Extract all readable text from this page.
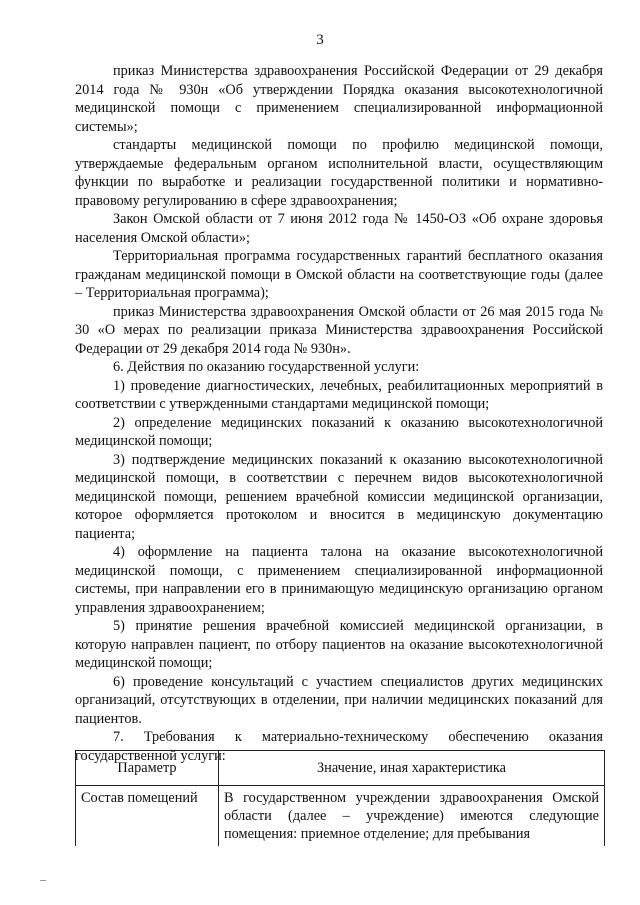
3

приказ Министерства здравоохранения Российской Федерации от 29 декабря 2014 года № 930н «Об утверждении Порядка оказания высокотехнологичной медицинской помощи с применением специализированной информационной системы»;

стандарты медицинской помощи по профилю медицинской помощи, утверждаемые федеральным органом исполнительной власти, осуществляющим функции по выработке и реализации государственной политики и нормативно-правовому регулированию в сфере здравоохранения;

Закон Омской области от 7 июня 2012 года № 1450-ОЗ «Об охране здоровья населения Омской области»;

Территориальная программа государственных гарантий бесплатного оказания гражданам медицинской помощи в Омской области на соответствующие годы (далее – Территориальная программа);

приказ Министерства здравоохранения Омской области от 26 мая 2015 года № 30 «О мерах по реализации приказа Министерства здравоохранения Российской Федерации от 29 декабря 2014 года № 930н».

6. Действия по оказанию государственной услуги:

1) проведение диагностических, лечебных, реабилитационных мероприятий в соответствии с утвержденными стандартами медицинской помощи;

2) определение медицинских показаний к оказанию высокотехнологичной медицинской помощи;

3) подтверждение медицинских показаний к оказанию высокотехнологичной медицинской помощи, в соответствии с перечнем видов высокотехнологичной медицинской помощи, решением врачебной комиссии медицинской организации, которое оформляется протоколом и вносится в медицинскую документацию пациента;

4) оформление на пациента талона на оказание высокотехнологичной медицинской помощи, с применением специализированной информационной системы, при направлении его в принимающую медицинскую организацию органом управления здравоохранением;

5) принятие решения врачебной комиссией медицинской организации, в которую направлен пациент, по отбору пациентов на оказание высокотехнологичной медицинской помощи;

6) проведение консультаций с участием специалистов других медицинских организаций, отсутствующих в отделении, при наличии медицинских показаний для пациентов.

7. Требования к материально-техническому обеспечению оказания государственной услуги:

Параметр	Значение, иная характеристика
Состав помещений	В государственном учреждении здравоохранения Омской области (далее – учреждение) имеются следующие помещения: приемное отделение; для пребывания
